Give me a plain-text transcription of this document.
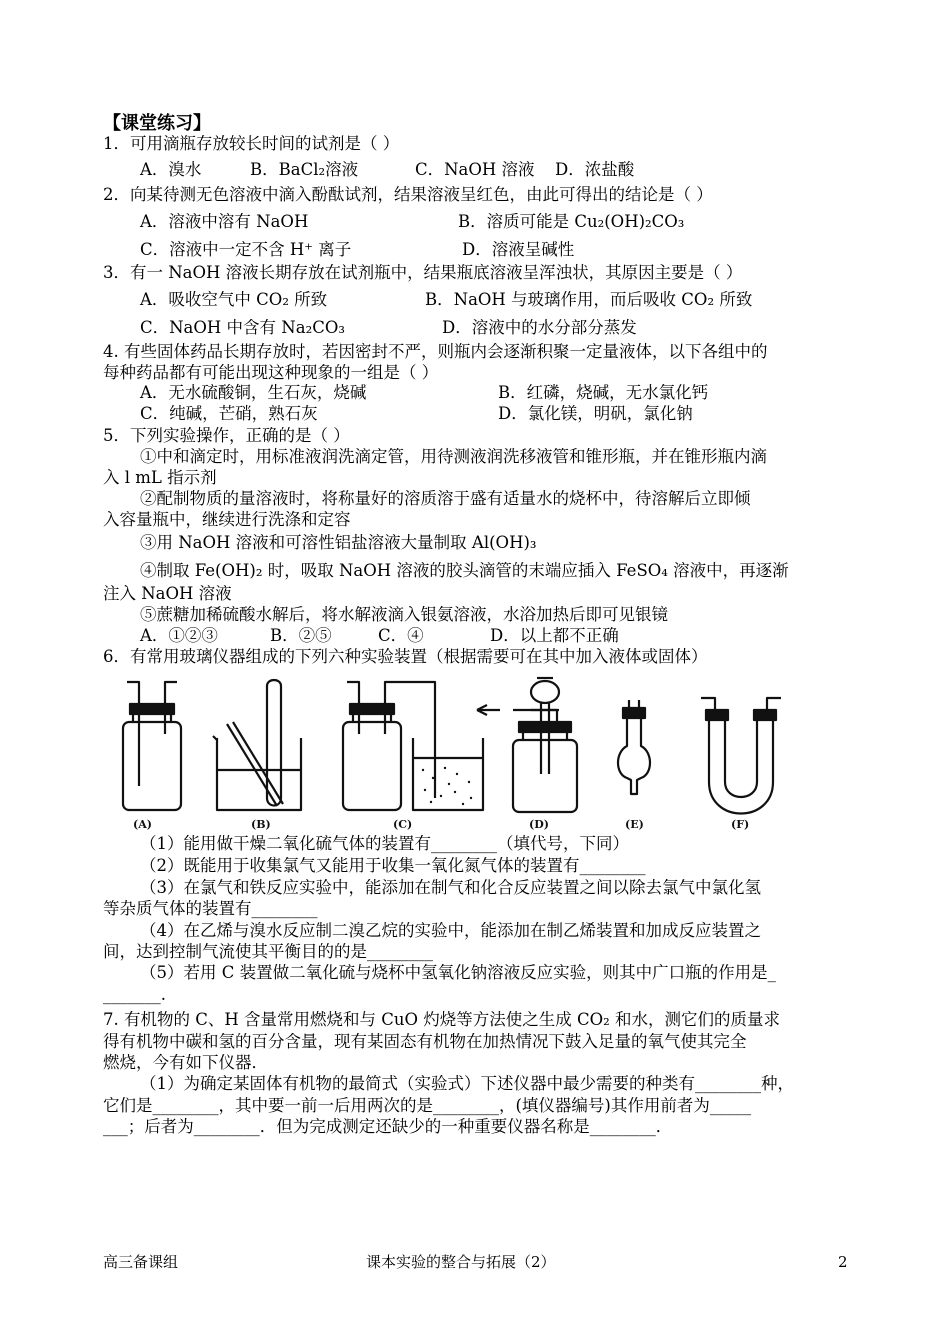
【课堂练习】
1．可用滴瓶存放较长时间的试剂是（ ）
A．溴水	B．BaCl₂溶液	C．NaOH 溶液 D．浓盐酸
2．向某待测无色溶液中滴入酚酞试剂，结果溶液呈红色，由此可得出的结论是（ ）
A．溶液中溶有 NaOH	B．溶质可能是 Cu₂(OH)₂CO₃
C．溶液中一定不含 H⁺ 离子	D．溶液呈碱性
3．有一 NaOH 溶液长期存放在试剂瓶中，结果瓶底溶液呈浑浊状，其原因主要是（ ）
A．吸收空气中 CO₂ 所致	B．NaOH 与玻璃作用，而后吸收 CO₂ 所致
C．NaOH 中含有 Na₂CO₃	D．溶液中的水分部分蒸发
4. 有些固体药品长期存放时，若因密封不严，则瓶内会逐渐积聚一定量液体，以下各组中的
每种药品都有可能出现这种现象的一组是（ ）
A．无水硫酸铜，生石灰，烧碱	B．红磷，烧碱，无水氯化钙
C．纯碱，芒硝，熟石灰	D．氯化镁，明矾，氯化钠
5．下列实验操作，正确的是（ ）
①中和滴定时，用标准液润洗滴定管，用待测液润洗移液管和锥形瓶，并在锥形瓶内滴
入 l mL 指示剂
②配制物质的量溶液时，将称量好的溶质溶于盛有适量水的烧杯中，待溶解后立即倾
入容量瓶中，继续进行洗涤和定容
③用 NaOH 溶液和可溶性铝盐溶液大量制取 Al(OH)₃
④制取 Fe(OH)₂ 时，吸取 NaOH 溶液的胶头滴管的末端应插入 FeSO₄ 溶液中，再逐渐
注入 NaOH 溶液
⑤蔗糖加稀硫酸水解后，将水解液滴入银氨溶液，水浴加热后即可见银镜
A．①②③	B．②⑤	C．④	D．以上都不正确
6．有常用玻璃仪器组成的下列六种实验装置（根据需要可在其中加入液体或固体）
(A)	(B)	(C)	(D)	(E)	(F)
（1）能用做干燥二氧化硫气体的装置有________（填代号，下同）
（2）既能用于收集氯气又能用于收集一氧化氮气体的装置有________
（3）在氯气和铁反应实验中，能添加在制气和化合反应装置之间以除去氯气中氯化氢
等杂质气体的装置有________
（4）在乙烯与溴水反应制二溴乙烷的实验中，能添加在制乙烯装置和加成反应装置之
间，达到控制气流使其平衡目的的是________
（5）若用 C 装置做二氧化硫与烧杯中氢氧化钠溶液反应实验，则其中广口瓶的作用是_
_______.
7. 有机物的 C、H 含量常用燃烧和与 CuO 灼烧等方法使之生成 CO₂ 和水，测它们的质量求
得有机物中碳和氢的百分含量，现有某固态有机物在加热情况下鼓入足量的氧气使其完全
燃烧，今有如下仪器．
（1）为确定某固体有机物的最简式（实验式）下述仪器中最少需要的种类有________种，
它们是________，其中要一前一后用两次的是________，(填仪器编号)其作用前者为_____
___；后者为________．但为完成测定还缺少的一种重要仪器名称是________．
高三备课组	课本实验的整合与拓展（2）	2
